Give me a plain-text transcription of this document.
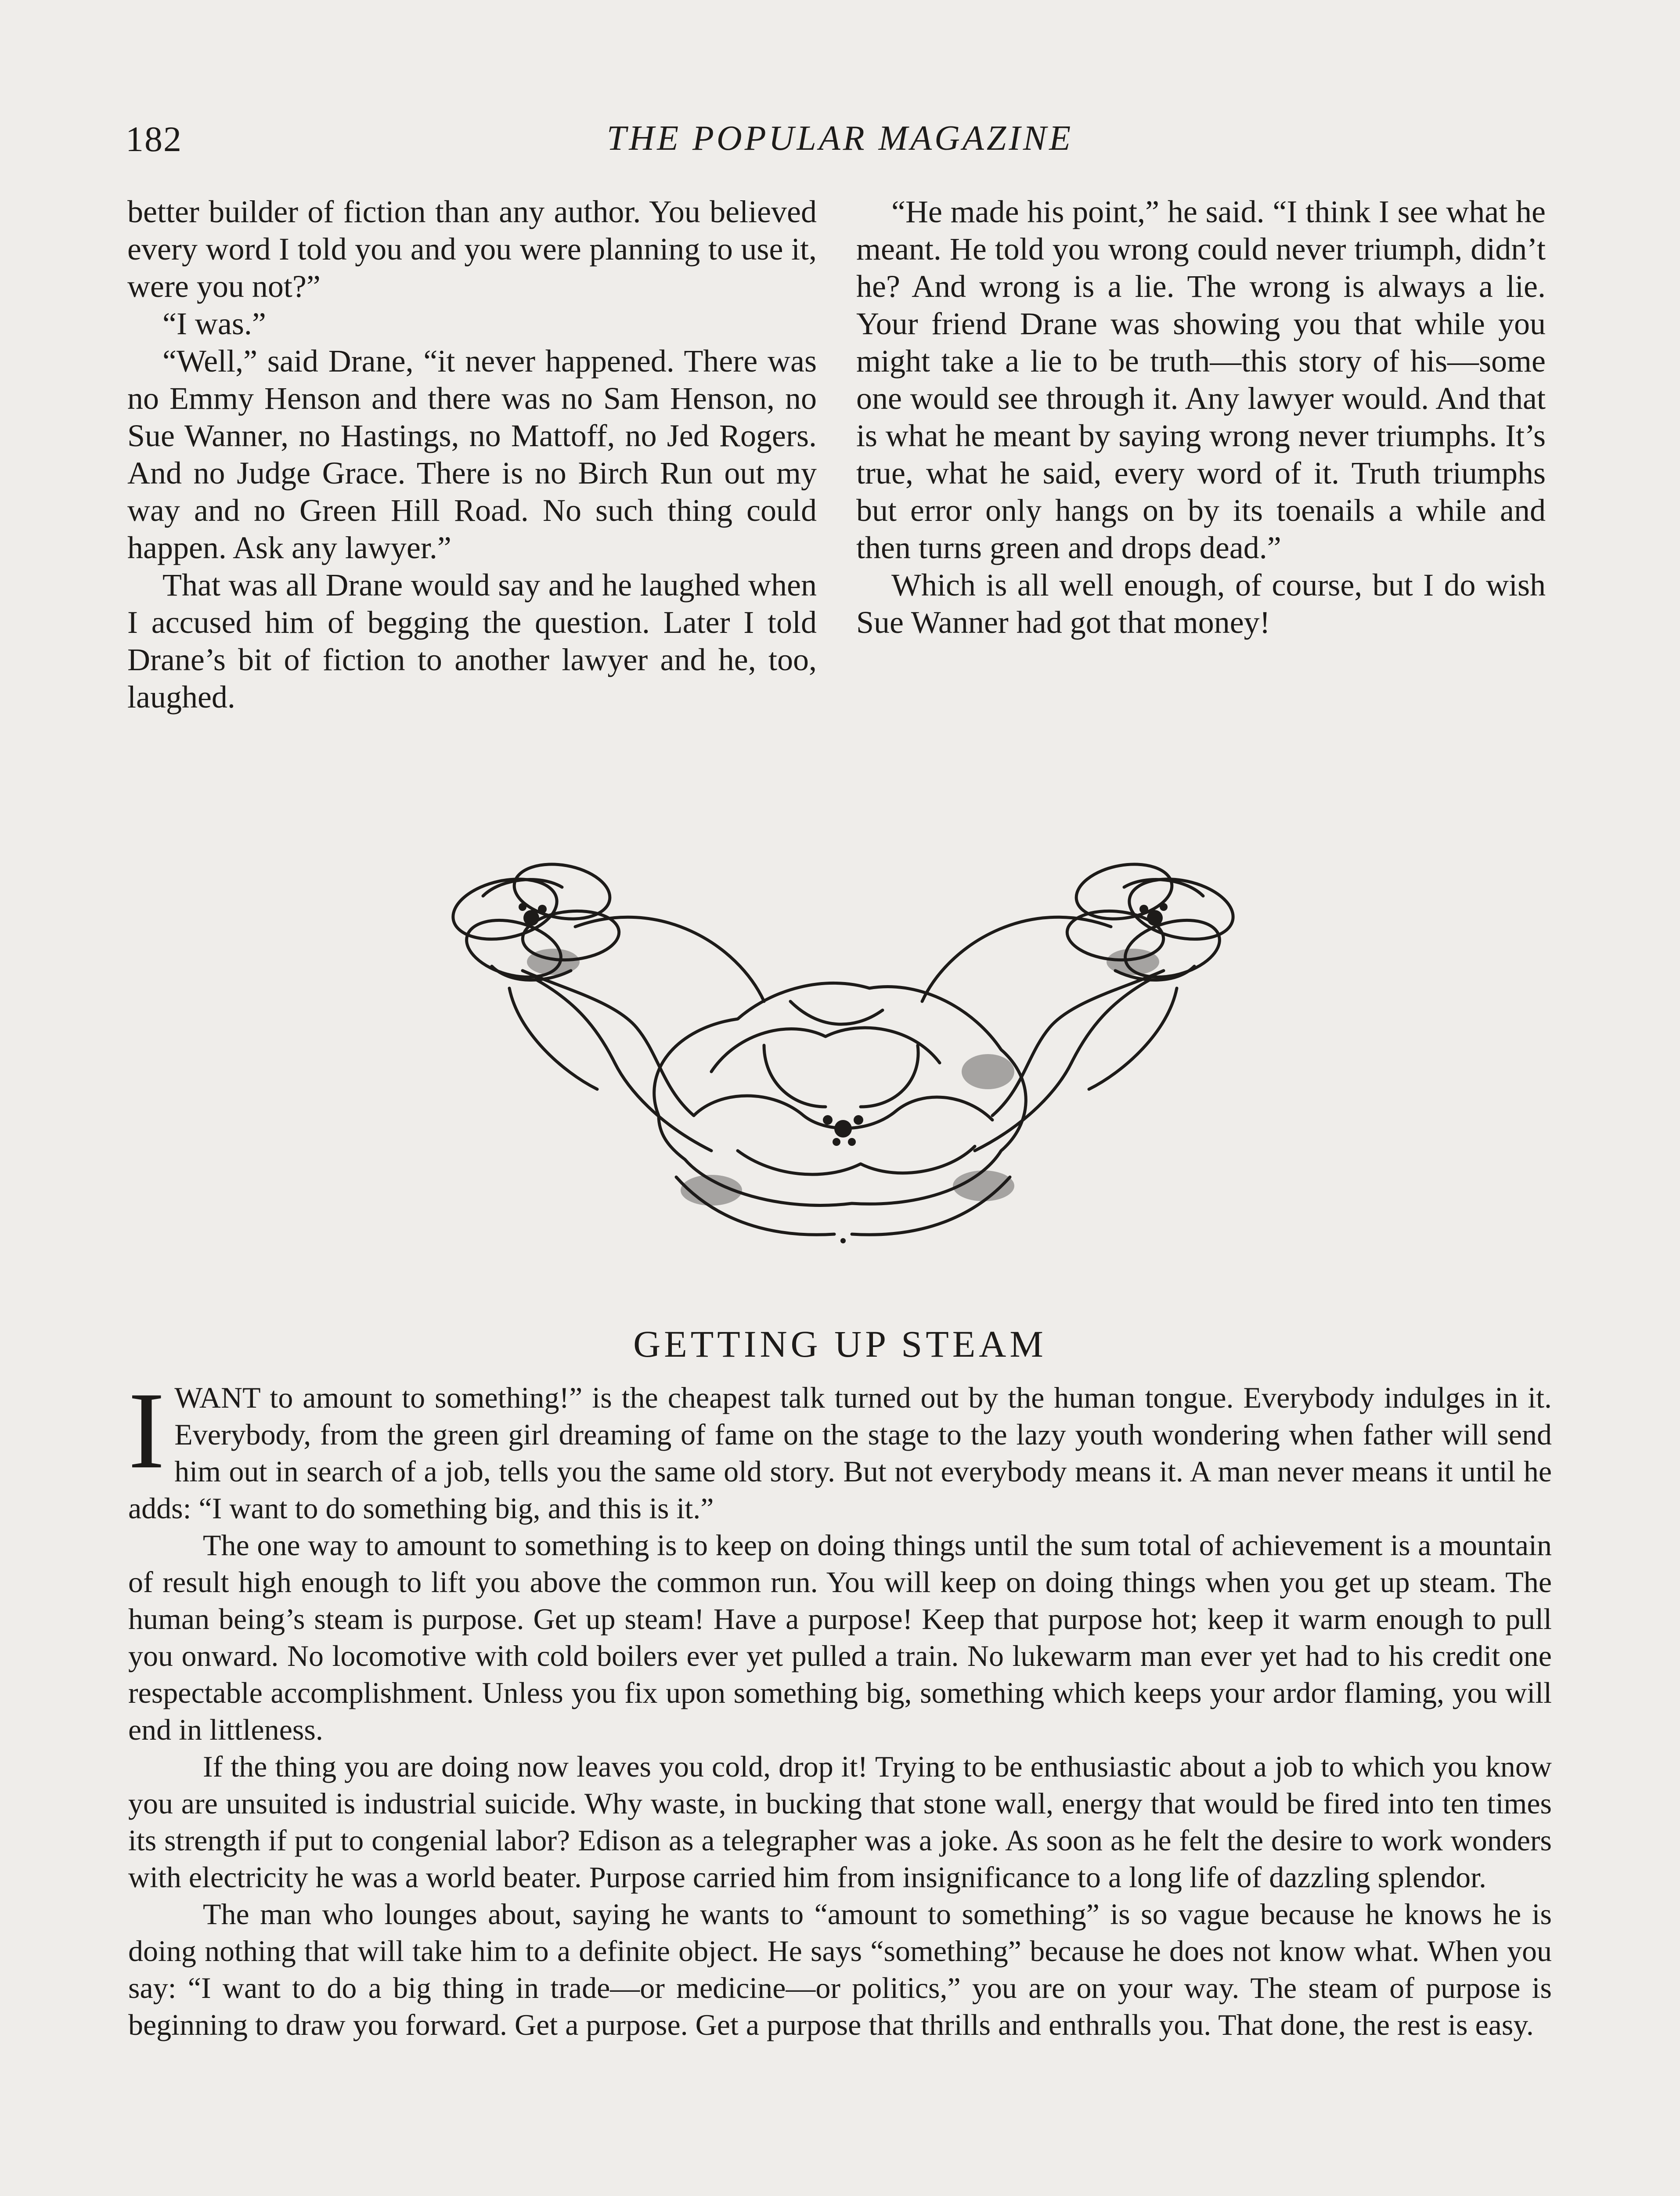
182	THE POPULAR MAGAZINE

better builder of fiction than any author. You believed every word I told you and you were planning to use it, were you not?”

“I was.”

“Well,” said Drane, “it never happened. There was no Emmy Henson and there was no Sam Henson, no Sue Wanner, no Hastings, no Mattoff, no Jed Rogers. And no Judge Grace. There is no Birch Run out my way and no Green Hill Road. No such thing could happen. Ask any lawyer.”

That was all Drane would say and he laughed when I accused him of begging the question. Later I told Drane’s bit of fiction to another lawyer and he, too, laughed.

“He made his point,” he said. “I think I see what he meant. He told you wrong could never triumph, didn’t he? And wrong is a lie. The wrong is always a lie. Your friend Drane was showing you that while you might take a lie to be truth—this story of his—some one would see through it. Any lawyer would. And that is what he meant by saying wrong never triumphs. It’s true, what he said, every word of it. Truth triumphs but error only hangs on by its toenails a while and then turns green and drops dead.”

Which is all well enough, of course, but I do wish Sue Wanner had got that money!

GETTING UP STEAM

IWANT to amount to something!” is the cheapest talk turned out by the human tongue. Everybody indulges in it. Everybody, from the green girl dreaming of fame on the stage to the lazy youth wondering when father will send him out in search of a job, tells you the same old story. But not everybody means it. A man never means it until he adds: “I want to do something big, and this is it.”

The one way to amount to something is to keep on doing things until the sum total of achievement is a mountain of result high enough to lift you above the common run. You will keep on doing things when you get up steam. The human being’s steam is purpose. Get up steam! Have a purpose! Keep that purpose hot; keep it warm enough to pull you onward. No locomotive with cold boilers ever yet pulled a train. No lukewarm man ever yet had to his credit one respectable accomplishment. Unless you fix upon something big, something which keeps your ardor flaming, you will end in littleness.

If the thing you are doing now leaves you cold, drop it! Trying to be enthusiastic about a job to which you know you are unsuited is industrial suicide. Why waste, in bucking that stone wall, energy that would be fired into ten times its strength if put to congenial labor? Edison as a telegrapher was a joke. As soon as he felt the desire to work wonders with electricity he was a world beater. Purpose carried him from insignificance to a long life of dazzling splendor.

The man who lounges about, saying he wants to “amount to something” is so vague because he knows he is doing nothing that will take him to a definite object. He says “something” because he does not know what. When you say: “I want to do a big thing in trade—or medicine—or politics,” you are on your way. The steam of purpose is beginning to draw you forward. Get a purpose. Get a purpose that thrills and enthralls you. That done, the rest is easy.
